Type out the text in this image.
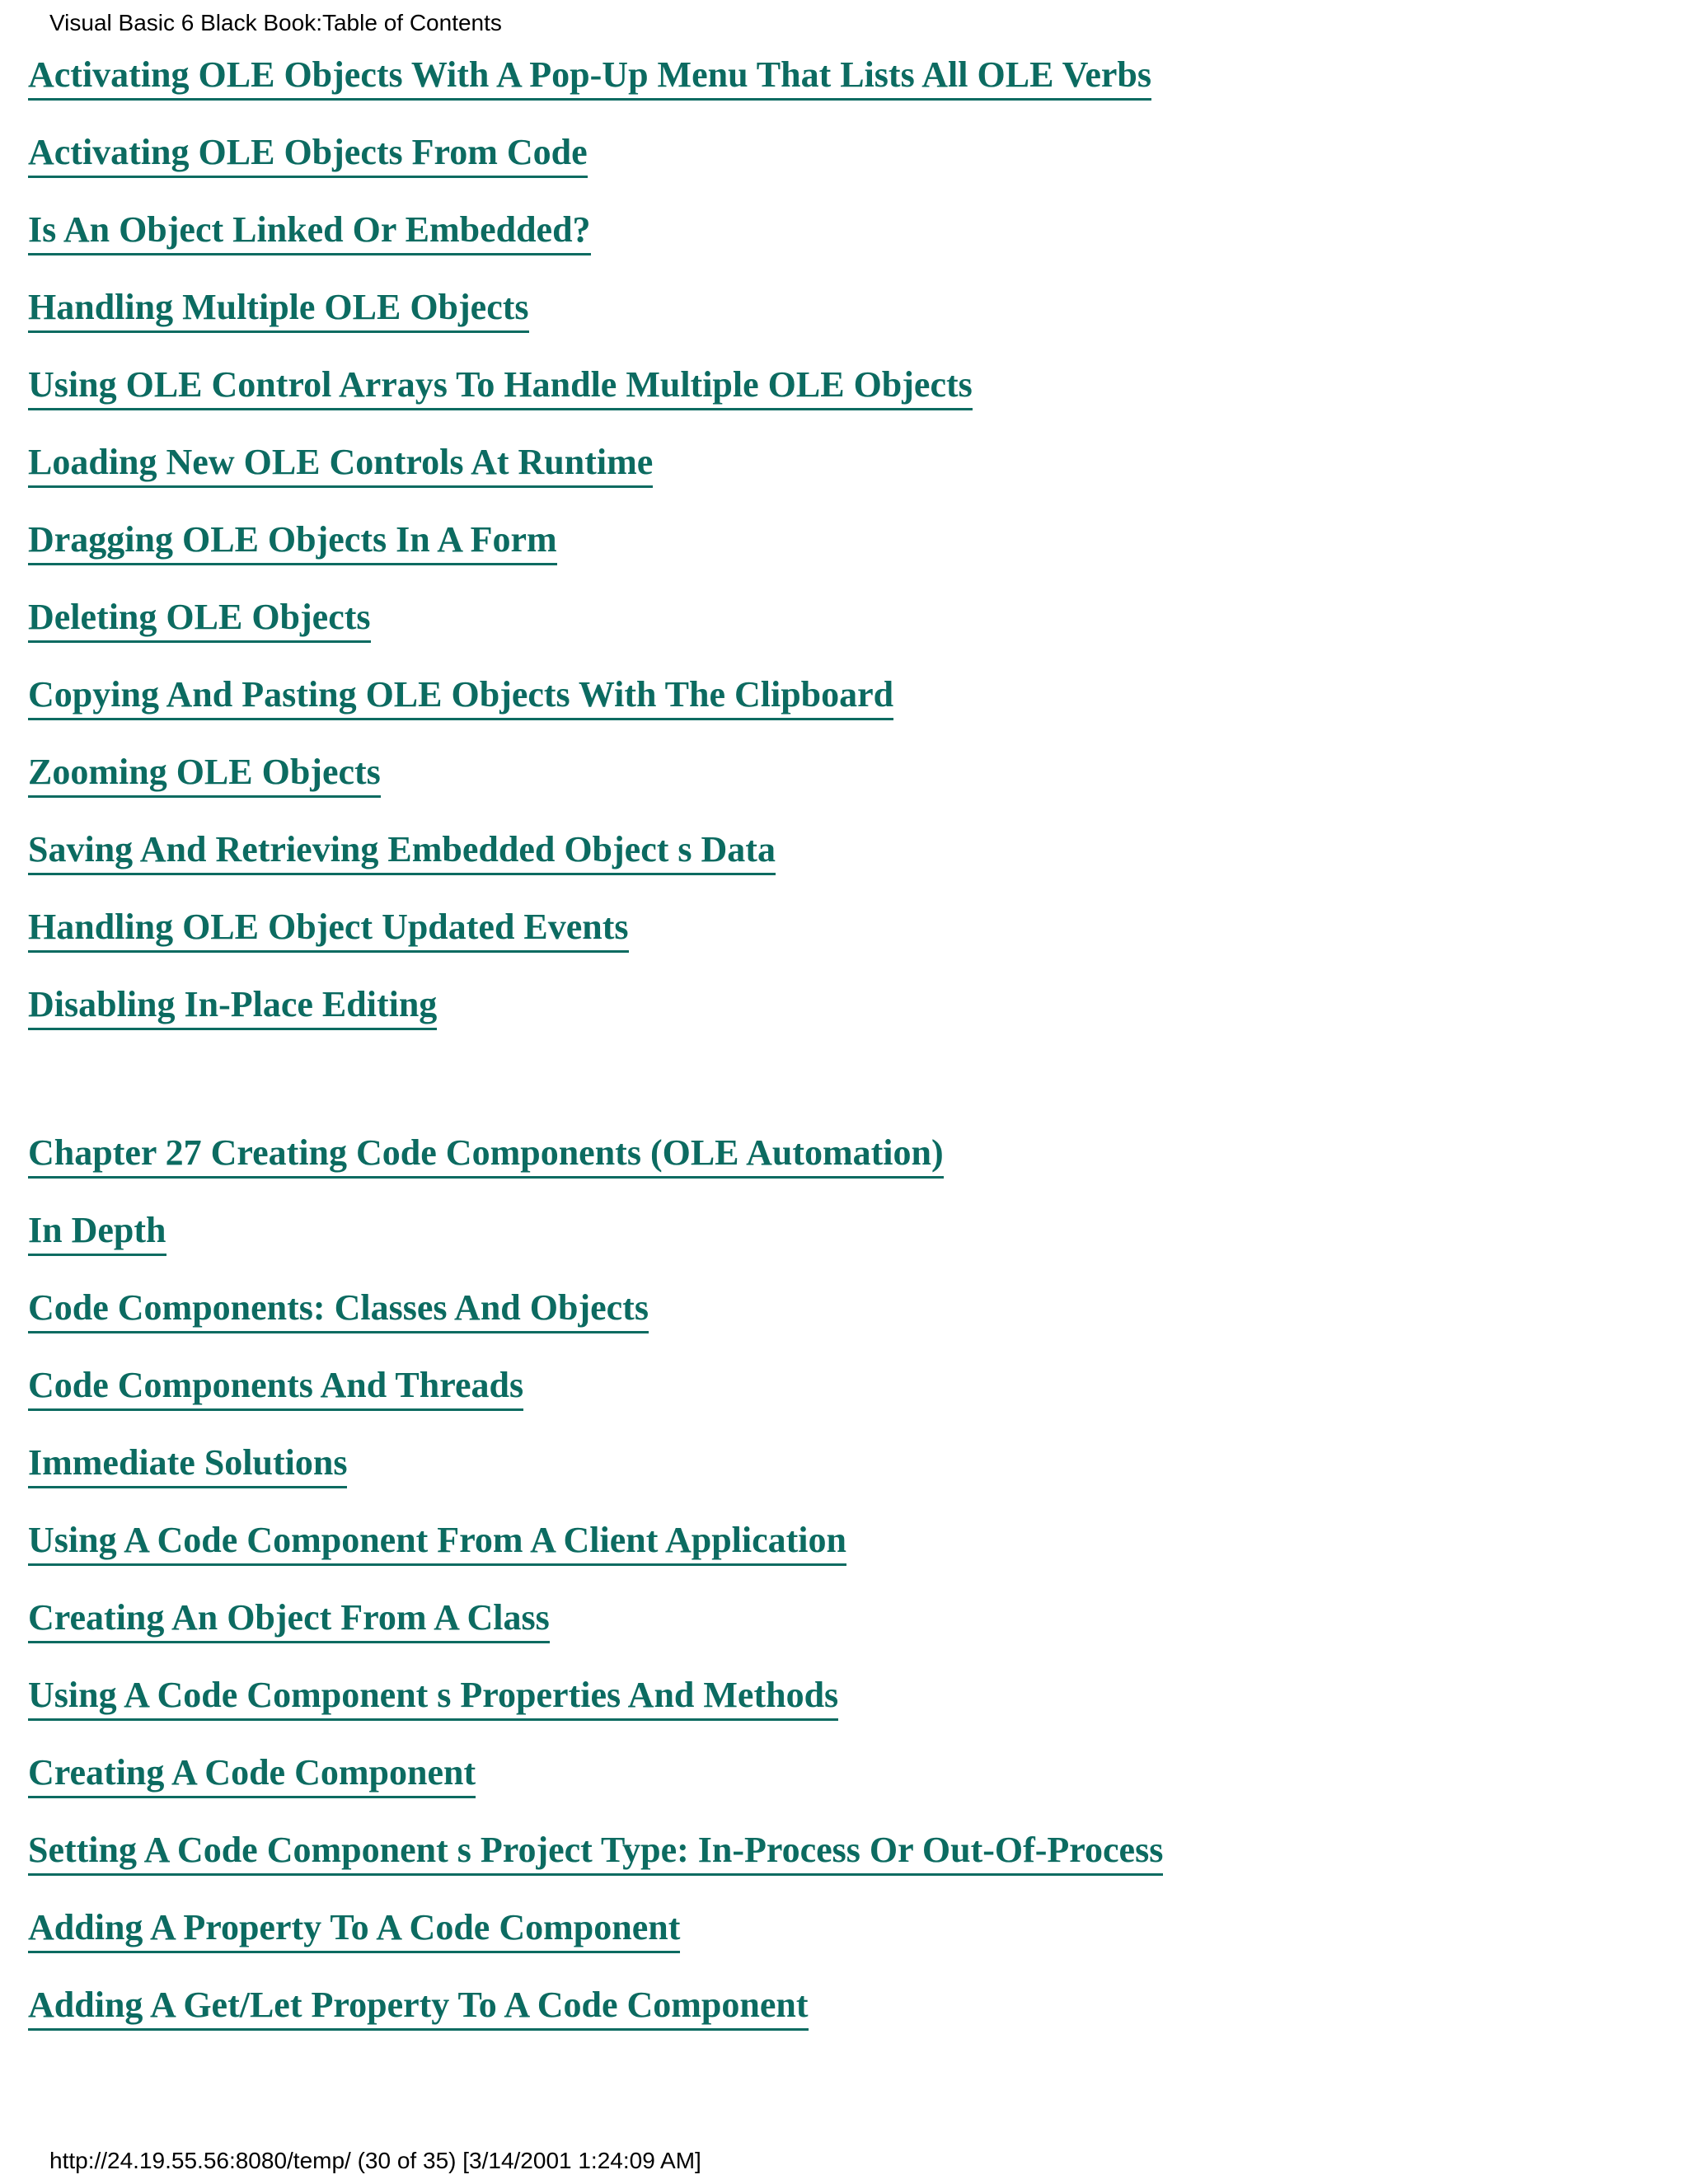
Visual Basic 6 Black Book:Table of Contents
Activating OLE Objects With A Pop-Up Menu That Lists All OLE Verbs
Activating OLE Objects From Code
Is An Object Linked Or Embedded?
Handling Multiple OLE Objects
Using OLE Control Arrays To Handle Multiple OLE Objects
Loading New OLE Controls At Runtime
Dragging OLE Objects In A Form
Deleting OLE Objects
Copying And Pasting OLE Objects With The Clipboard
Zooming OLE Objects
Saving And Retrieving Embedded Object s Data
Handling OLE Object Updated Events
Disabling In-Place Editing
Chapter 27 Creating Code Components (OLE Automation)
In Depth
Code Components: Classes And Objects
Code Components And Threads
Immediate Solutions
Using A Code Component From A Client Application
Creating An Object From A Class
Using A Code Component s Properties And Methods
Creating A Code Component
Setting A Code Component s Project Type: In-Process Or Out-Of-Process
Adding A Property To A Code Component
Adding A Get/Let Property To A Code Component
http://24.19.55.56:8080/temp/ (30 of 35) [3/14/2001 1:24:09 AM]
